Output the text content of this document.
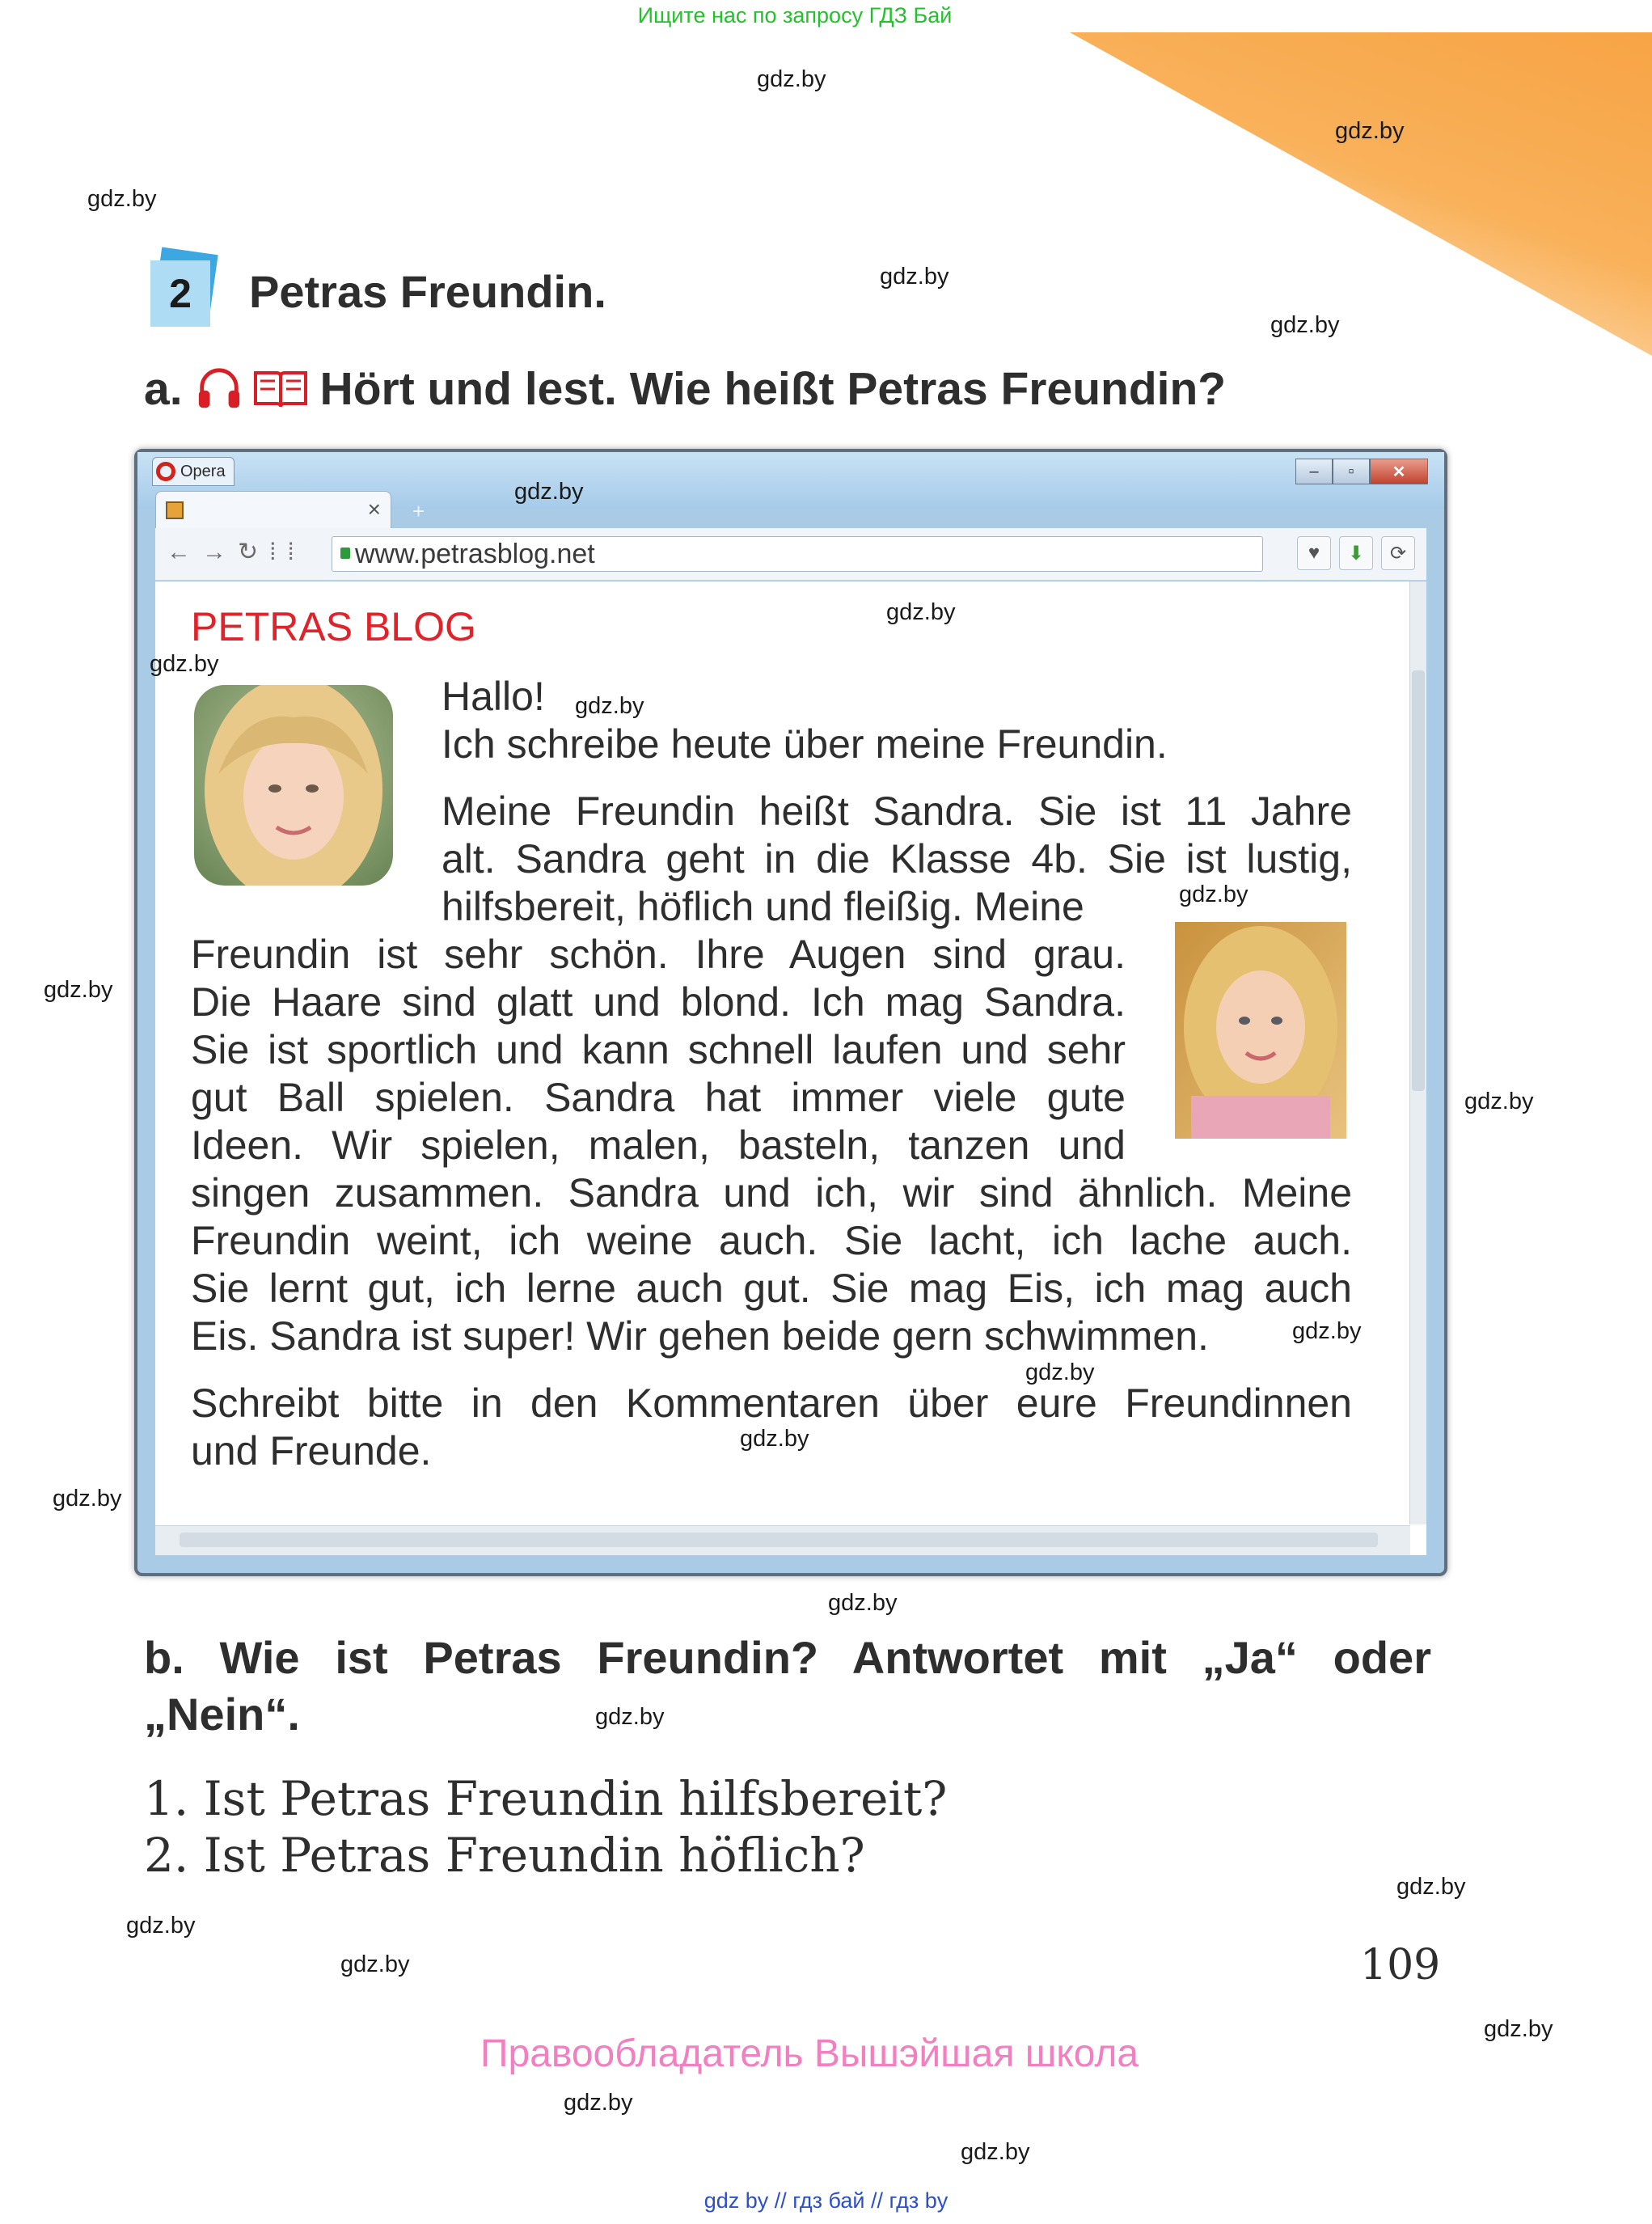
Ищите нас по запросу ГДЗ Бай
gdz.by
gdz.by
gdz.by
gdz.by
gdz.by
gdz.by
gdz.by
gdz.by
gdz.by
gdz.by
gdz.by
gdz.by
gdz.by
gdz.by
gdz.by
gdz.by
2	Petras Freundin.
a.	Hört und lest. Wie heißt Petras Freundin?
Opera	–	▫	✕
× +
←→↻⁞⁞ www.petrasblog.net	♥	⬇	⟳
PETRAS BLOG
Hallo!
Ich schreibe heute über meine Freundin.
Meine Freundin heißt Sandra. Sie ist 11 Jahre
alt. Sandra geht in die Klasse 4b. Sie ist lustig,
hilfsbereit, höflich und fleißig. Meine
Freundin ist sehr schön. Ihre Augen sind grau.
Die Haare sind glatt und blond. Ich mag Sandra.
Sie ist sportlich und kann schnell laufen und sehr
gut Ball spielen. Sandra hat immer viele gute
Ideen. Wir spielen, malen, basteln, tanzen und
singen zusammen. Sandra und ich, wir sind ähnlich. Meine
Freundin weint, ich weine auch. Sie lacht, ich lache auch.
Sie lernt gut, ich lerne auch gut. Sie mag Eis, ich mag auch
Eis. Sandra ist super! Wir gehen beide gern schwimmen.
Schreibt bitte in den Kommentaren über eure Freundinnen
und Freunde.
gdz.by
gdz.by
gdz.by
gdz.by
gdz.by
gdz.by
gdz.by
gdz.by
b. Wie ist Petras Freundin? Antwortet mit „Ja“ oder
„Nein“.
1. Ist Petras Freundin hilfsbereit?
2. Ist Petras Freundin höflich?
109
Правообладатель Вышэйшая школа
gdz by // гдз бай // гдз by
